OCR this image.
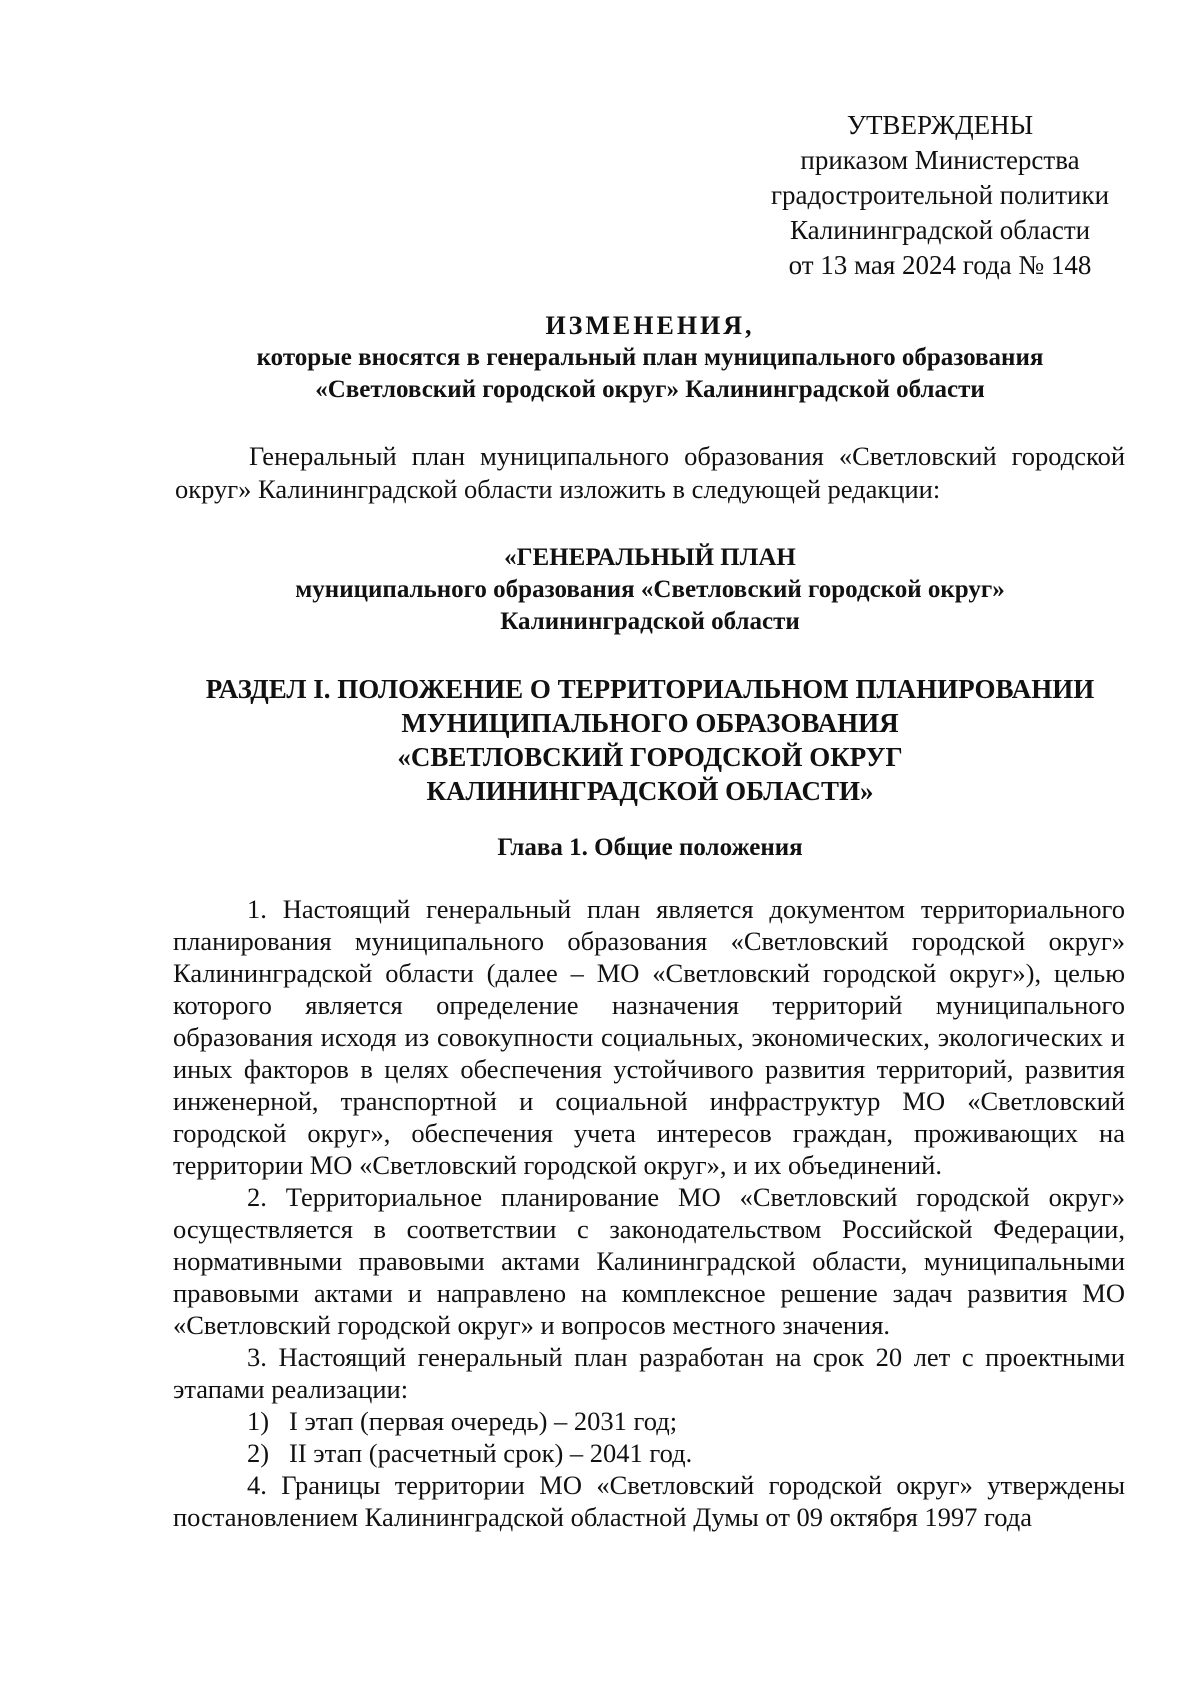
УТВЕРЖДЕНЫ
приказом Министерства
градостроительной политики
Калининградской области
от 13 мая 2024 года № 148
ИЗМЕНЕНИЯ,
которые вносятся в генеральный план муниципального образования
«Светловский городской округ» Калининградской области

Генеральный план муниципального образования «Светловский городской округ» Калининградской области изложить в следующей редакции:

«ГЕНЕРАЛЬНЫЙ ПЛАН
муниципального образования «Светловский городской округ»
Калининградской области
РАЗДЕЛ I. ПОЛОЖЕНИЕ О ТЕРРИТОРИАЛЬНОМ ПЛАНИРОВАНИИ
МУНИЦИПАЛЬНОГО ОБРАЗОВАНИЯ
«СВЕТЛОВСКИЙ ГОРОДСКОЙ ОКРУГ
КАЛИНИНГРАДСКОЙ ОБЛАСТИ»
Глава 1. Общие положения

1. Настоящий генеральный план является документом территориального планирования муниципального образования «Светловский городской округ» Калининградской области (далее – МО «Светловский городской округ»), целью которого является определение назначения территорий муниципального образования исходя из совокупности социальных, экономических, экологических и иных факторов в целях обеспечения устойчивого развития территорий, развития инженерной, транспортной и социальной инфраструктур МО «Светловский городской округ», обеспечения учета интересов граждан, проживающих на территории МО «Светловский городской округ», и их объединений.

2. Территориальное планирование МО «Светловский городской округ» осуществляется в соответствии с законодательством Российской Федерации, нормативными правовыми актами Калининградской области, муниципальными правовыми актами и направлено на комплексное решение задач развития МО «Светловский городской округ» и вопросов местного значения.

3. Настоящий генеральный план разработан на срок 20 лет с проектными этапами реализации:

1) I этап (первая очередь) – 2031 год;

2) II этап (расчетный срок) – 2041 год.

4. Границы территории МО «Светловский городской округ» утверждены постановлением Калининградской областной Думы от 09 октября 1997 года
